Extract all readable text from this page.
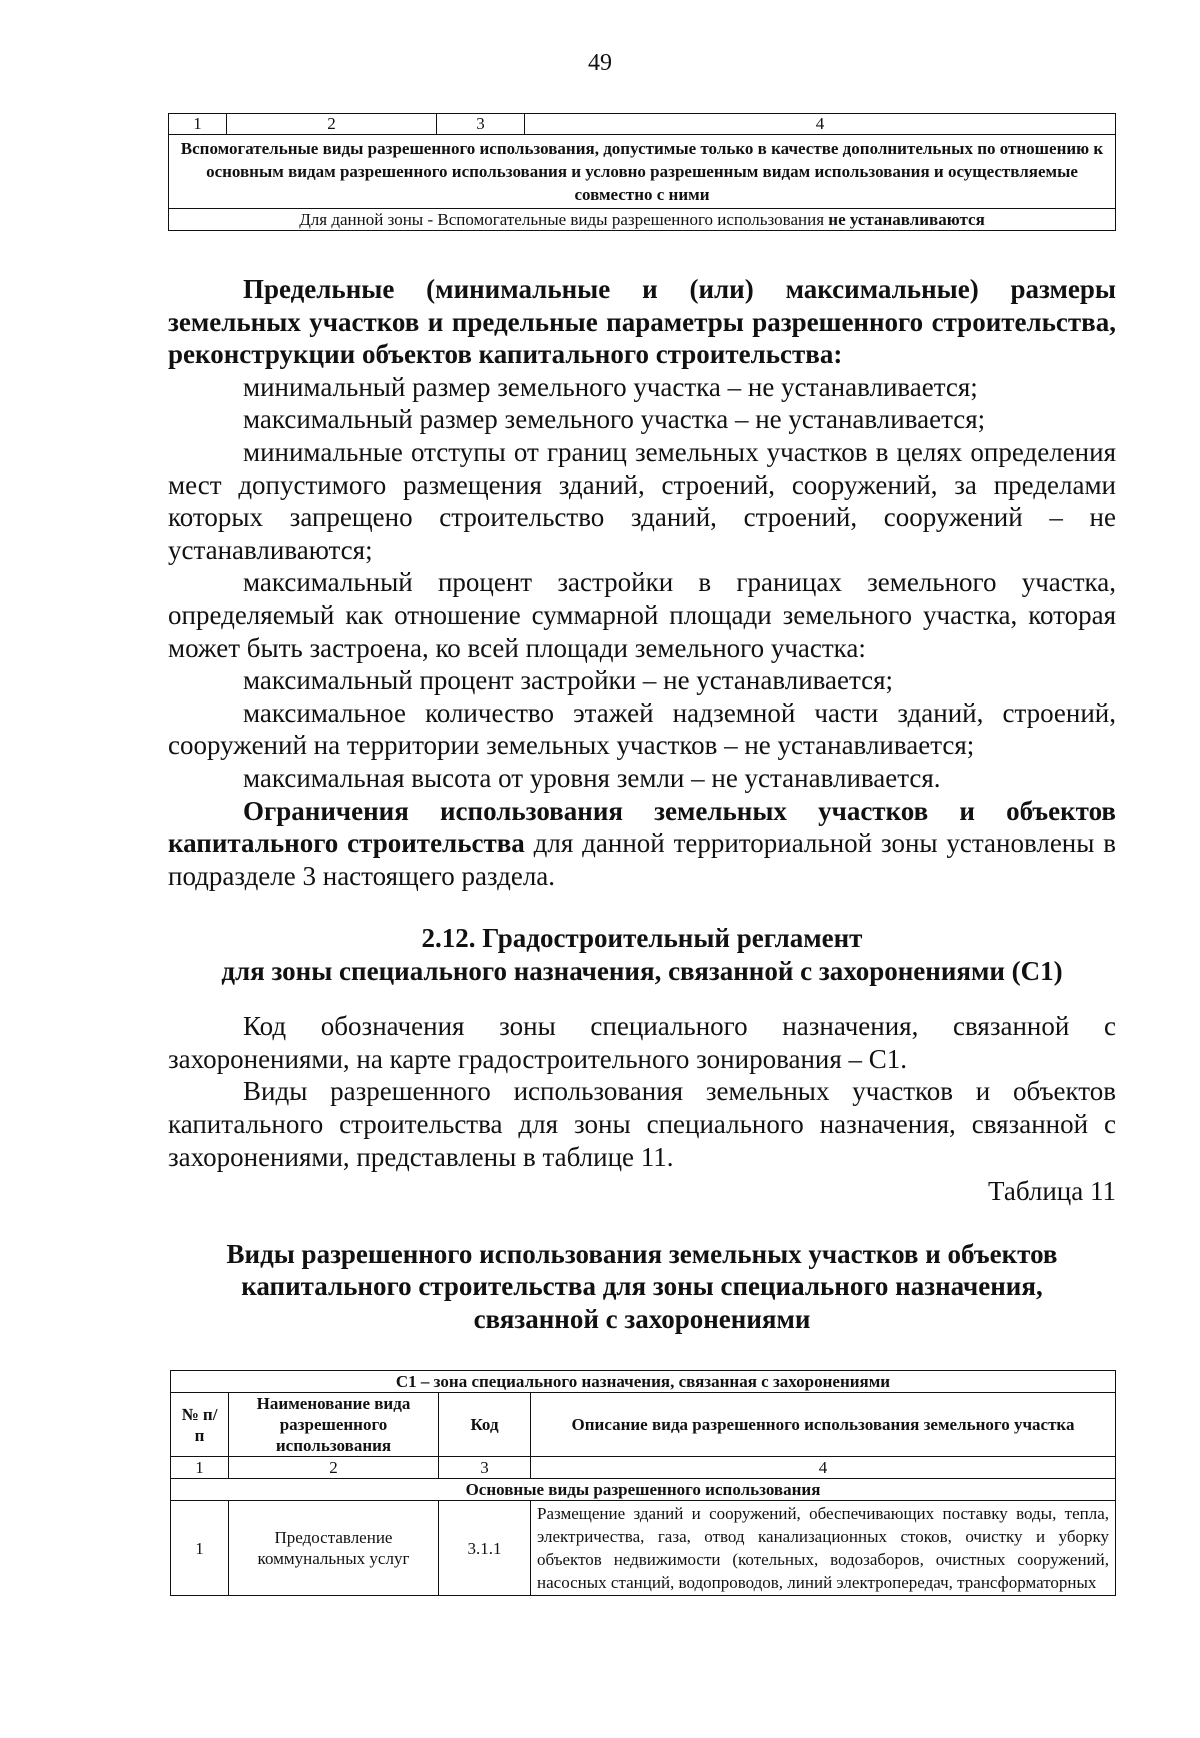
49
1	2	3	4
Вспомогательные виды разрешенного использования, допустимые только в качестве дополнительных по отношению к основным видам разрешенного использования и условно разрешенным видам использования и осуществляемые совместно с ними
Для данной зоны - Вспомогательные виды разрешенного использования не устанавливаются

Предельные (минимальные и (или) максимальные) размеры земельных участков и предельные параметры разрешенного строительства, реконструкции объектов капитального строительства:

минимальный размер земельного участка – не устанавливается;

максимальный размер земельного участка – не устанавливается;

минимальные отступы от границ земельных участков в целях определения мест допустимого размещения зданий, строений, сооружений, за пределами которых запрещено строительство зданий, строений, сооружений – не устанавливаются;

максимальный процент застройки в границах земельного участка, определяемый как отношение суммарной площади земельного участка, которая может быть застроена, ко всей площади земельного участка:

максимальный процент застройки – не устанавливается;

максимальное количество этажей надземной части зданий, строений, сооружений на территории земельных участков – не устанавливается;

максимальная высота от уровня земли – не устанавливается.

Ограничения использования земельных участков и объектов капитального строительства для данной территориальной зоны установлены в подразделе 3 настоящего раздела.

2.12. Градостроительный регламент

для зоны специального назначения, связанной с захоронениями (С1)

Код обозначения зоны специального назначения, связанной с захоронениями, на карте градостроительного зонирования – С1.

Виды разрешенного использования земельных участков и объектов капитального строительства для зоны специального назначения, связанной с захоронениями, представлены в таблице 11.

Таблица 11

Виды разрешенного использования земельных участков и объектов

капитального строительства для зоны специального назначения,

связанной с захоронениями

С1 – зона специального назначения, связанная с захоронениями			
№ п/п	Наименование вида разрешенного использования	Код	Описание вида разрешенного использования земельного участка
1	2	3	4
Основные виды разрешенного использования			
1	Предоставление коммунальных услуг	3.1.1	Размещение зданий и сооружений, обеспечивающих поставку воды, тепла, электричества, газа, отвод канализационных стоков, очистку и уборку объектов недвижимости (котельных, водозаборов, очистных сооружений, насосных станций, водопроводов, линий электропередач, трансформаторных
